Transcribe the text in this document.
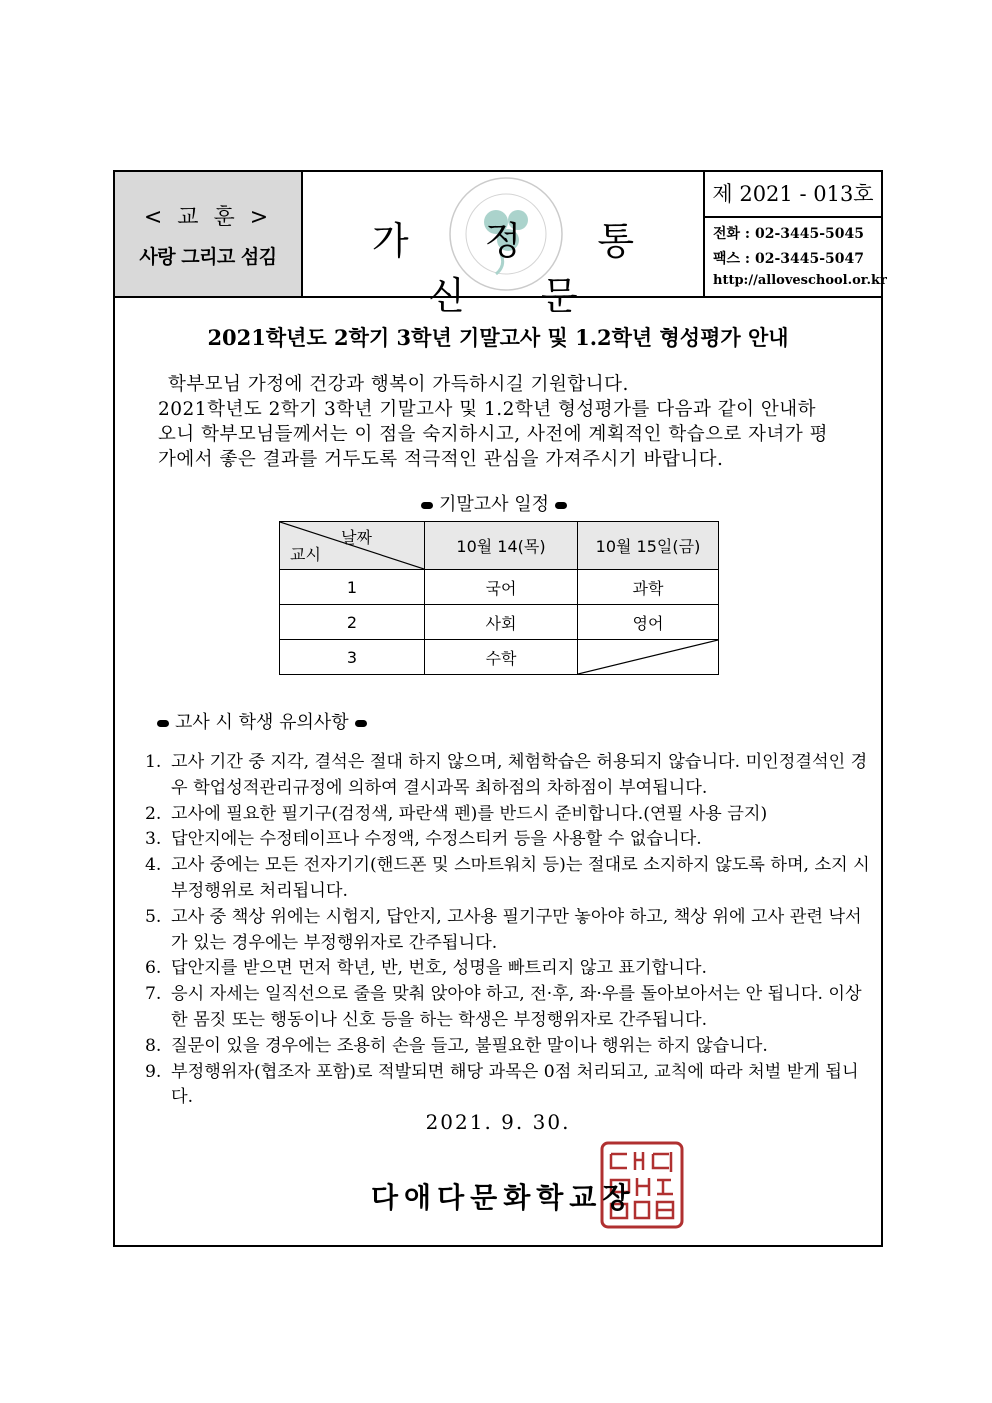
< 교 훈 >
사랑 그리고 섬김	가 정 통 신 문
제 2021 - 013호
전화 : 02-3445-5045
팩스 : 02-3445-5047
http://alloveschool.or.kr
2021학년도 2학기 3학년 기말고사 및 1.2학년 형성평가 안내
학부모님 가정에 건강과 행복이 가득하시길 기원합니다.
2021학년도 2학기 3학년 기말고사 및 1.2학년 형성평가를 다음과 같이 안내하
오니 학부모님들께서는 이 점을 숙지하시고, 사전에 계획적인 학습으로 자녀가 평
가에서 좋은 결과를 거두도록 적극적인 관심을 가져주시기 바랍니다.
기말고사 일정
날짜
교시	10월 14(목)	10월 15일(금)
1	국어	과학
2	사회	영어
3	수학	
고사 시 학생 유의사항
1. 고사 기간 중 지각, 결석은 절대 하지 않으며, 체험학습은 허용되지 않습니다. 미인정결석인 경우 학업성적관리규정에 의하여 결시과목 최하점의 차하점이 부여됩니다.
2. 고사에 필요한 필기구(검정색, 파란색 펜)를 반드시 준비합니다.(연필 사용 금지)
3. 답안지에는 수정테이프나 수정액, 수정스티커 등을 사용할 수 없습니다.
4. 고사 중에는 모든 전자기기(핸드폰 및 스마트워치 등)는 절대로 소지하지 않도록 하며, 소지 시 부정행위로 처리됩니다.
5. 고사 중 책상 위에는 시험지, 답안지, 고사용 필기구만 놓아야 하고, 책상 위에 고사 관련 낙서가 있는 경우에는 부정행위자로 간주됩니다.
6. 답안지를 받으면 먼저 학년, 반, 번호, 성명을 빠트리지 않고 표기합니다.
7. 응시 자세는 일직선으로 줄을 맞춰 앉아야 하고, 전·후, 좌·우를 돌아보아서는 안 됩니다. 이상한 몸짓 또는 행동이나 신호 등을 하는 학생은 부정행위자로 간주됩니다.
8. 질문이 있을 경우에는 조용히 손을 들고, 불필요한 말이나 행위는 하지 않습니다.
9. 부정행위자(협조자 포함)로 적발되면 해당 과목은 0점 처리되고, 교칙에 따라 처벌 받게 됩니다.
2021. 9. 30.
다애다문화학교장
